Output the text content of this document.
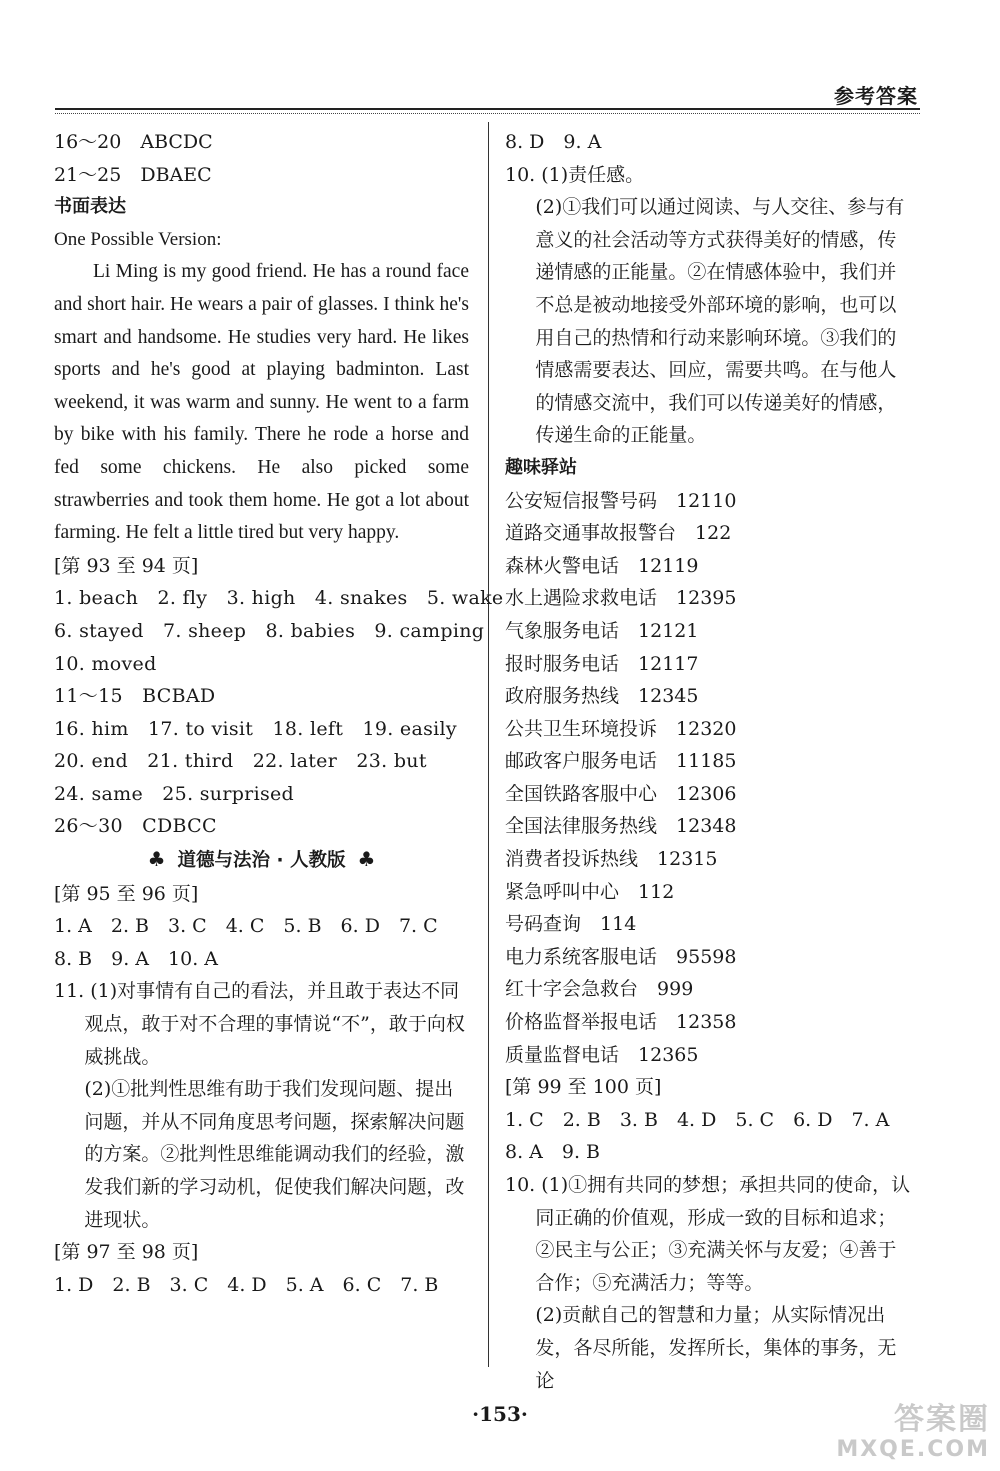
参考答案
16～20　ABCDC
21～25　DBAEC
书面表达
One Possible Version:
Li Ming is my good friend. He has a round face and short hair. He wears a pair of glasses. I think he's smart and handsome. He studies very hard. He likes sports and he's good at playing badminton. Last weekend, it was warm and sunny. He went to a farm by bike with his family. There he rode a horse and fed some chickens. He also picked some strawberries and took them home. He got a lot about farming. He felt a little tired but very happy.
[第 93 至 94 页]
1. beach　2. fly　3. high　4. snakes　5. wake
6. stayed　7. sheep　8. babies　9. camping
10. moved
11～15　BCBAD
16. him　17. to visit　18. left　19. easily
20. end　21. third　22. later　23. but
24. same　25. surprised
26～30　CDBCC
♣ 道德与法治 · 人教版 ♣
[第 95 至 96 页]
1. A　2. B　3. C　4. C　5. B　6. D　7. C
8. B　9. A　10. A
11. (1)对事情有自己的看法，并且敢于表达不同观点，敢于对不合理的事情说“不”，敢于向权威挑战。
(2)①批判性思维有助于我们发现问题、提出问题，并从不同角度思考问题，探索解决问题的方案。②批判性思维能调动我们的经验，激发我们新的学习动机，促使我们解决问题，改进现状。
[第 97 至 98 页]
1. D　2. B　3. C　4. D　5. A　6. C　7. B
8. D　9. A
10. (1)责任感。
(2)①我们可以通过阅读、与人交往、参与有意义的社会活动等方式获得美好的情感，传递情感的正能量。②在情感体验中，我们并不总是被动地接受外部环境的影响，也可以用自己的热情和行动来影响环境。③我们的情感需要表达、回应，需要共鸣。在与他人的情感交流中，我们可以传递美好的情感，传递生命的正能量。
趣味驿站
公安短信报警号码　 12110
道路交通事故报警台　 122
森林火警电话　 12119
水上遇险求救电话　 12395
气象服务电话　 12121
报时服务电话　 12117
政府服务热线　 12345
公共卫生环境投诉　 12320
邮政客户服务电话　 11185
全国铁路客服中心　 12306
全国法律服务热线　 12348
消费者投诉热线　 12315
紧急呼叫中心　 112
号码查询　 114
电力系统客服电话　 95598
红十字会急救台　 999
价格监督举报电话　 12358
质量监督电话　 12365
[第 99 至 100 页]
1. C　2. B　3. B　4. D　5. C　6. D　7. A
8. A　9. B
10. (1)①拥有共同的梦想；承担共同的使命，认同正确的价值观，形成一致的目标和追求；②民主与公正；③充满关怀与友爱；④善于合作；⑤充满活力；等等。
(2)贡献自己的智慧和力量；从实际情况出发，各尽所能，发挥所长，集体的事务，无论
·153·	答案圈
MXQE.COM
